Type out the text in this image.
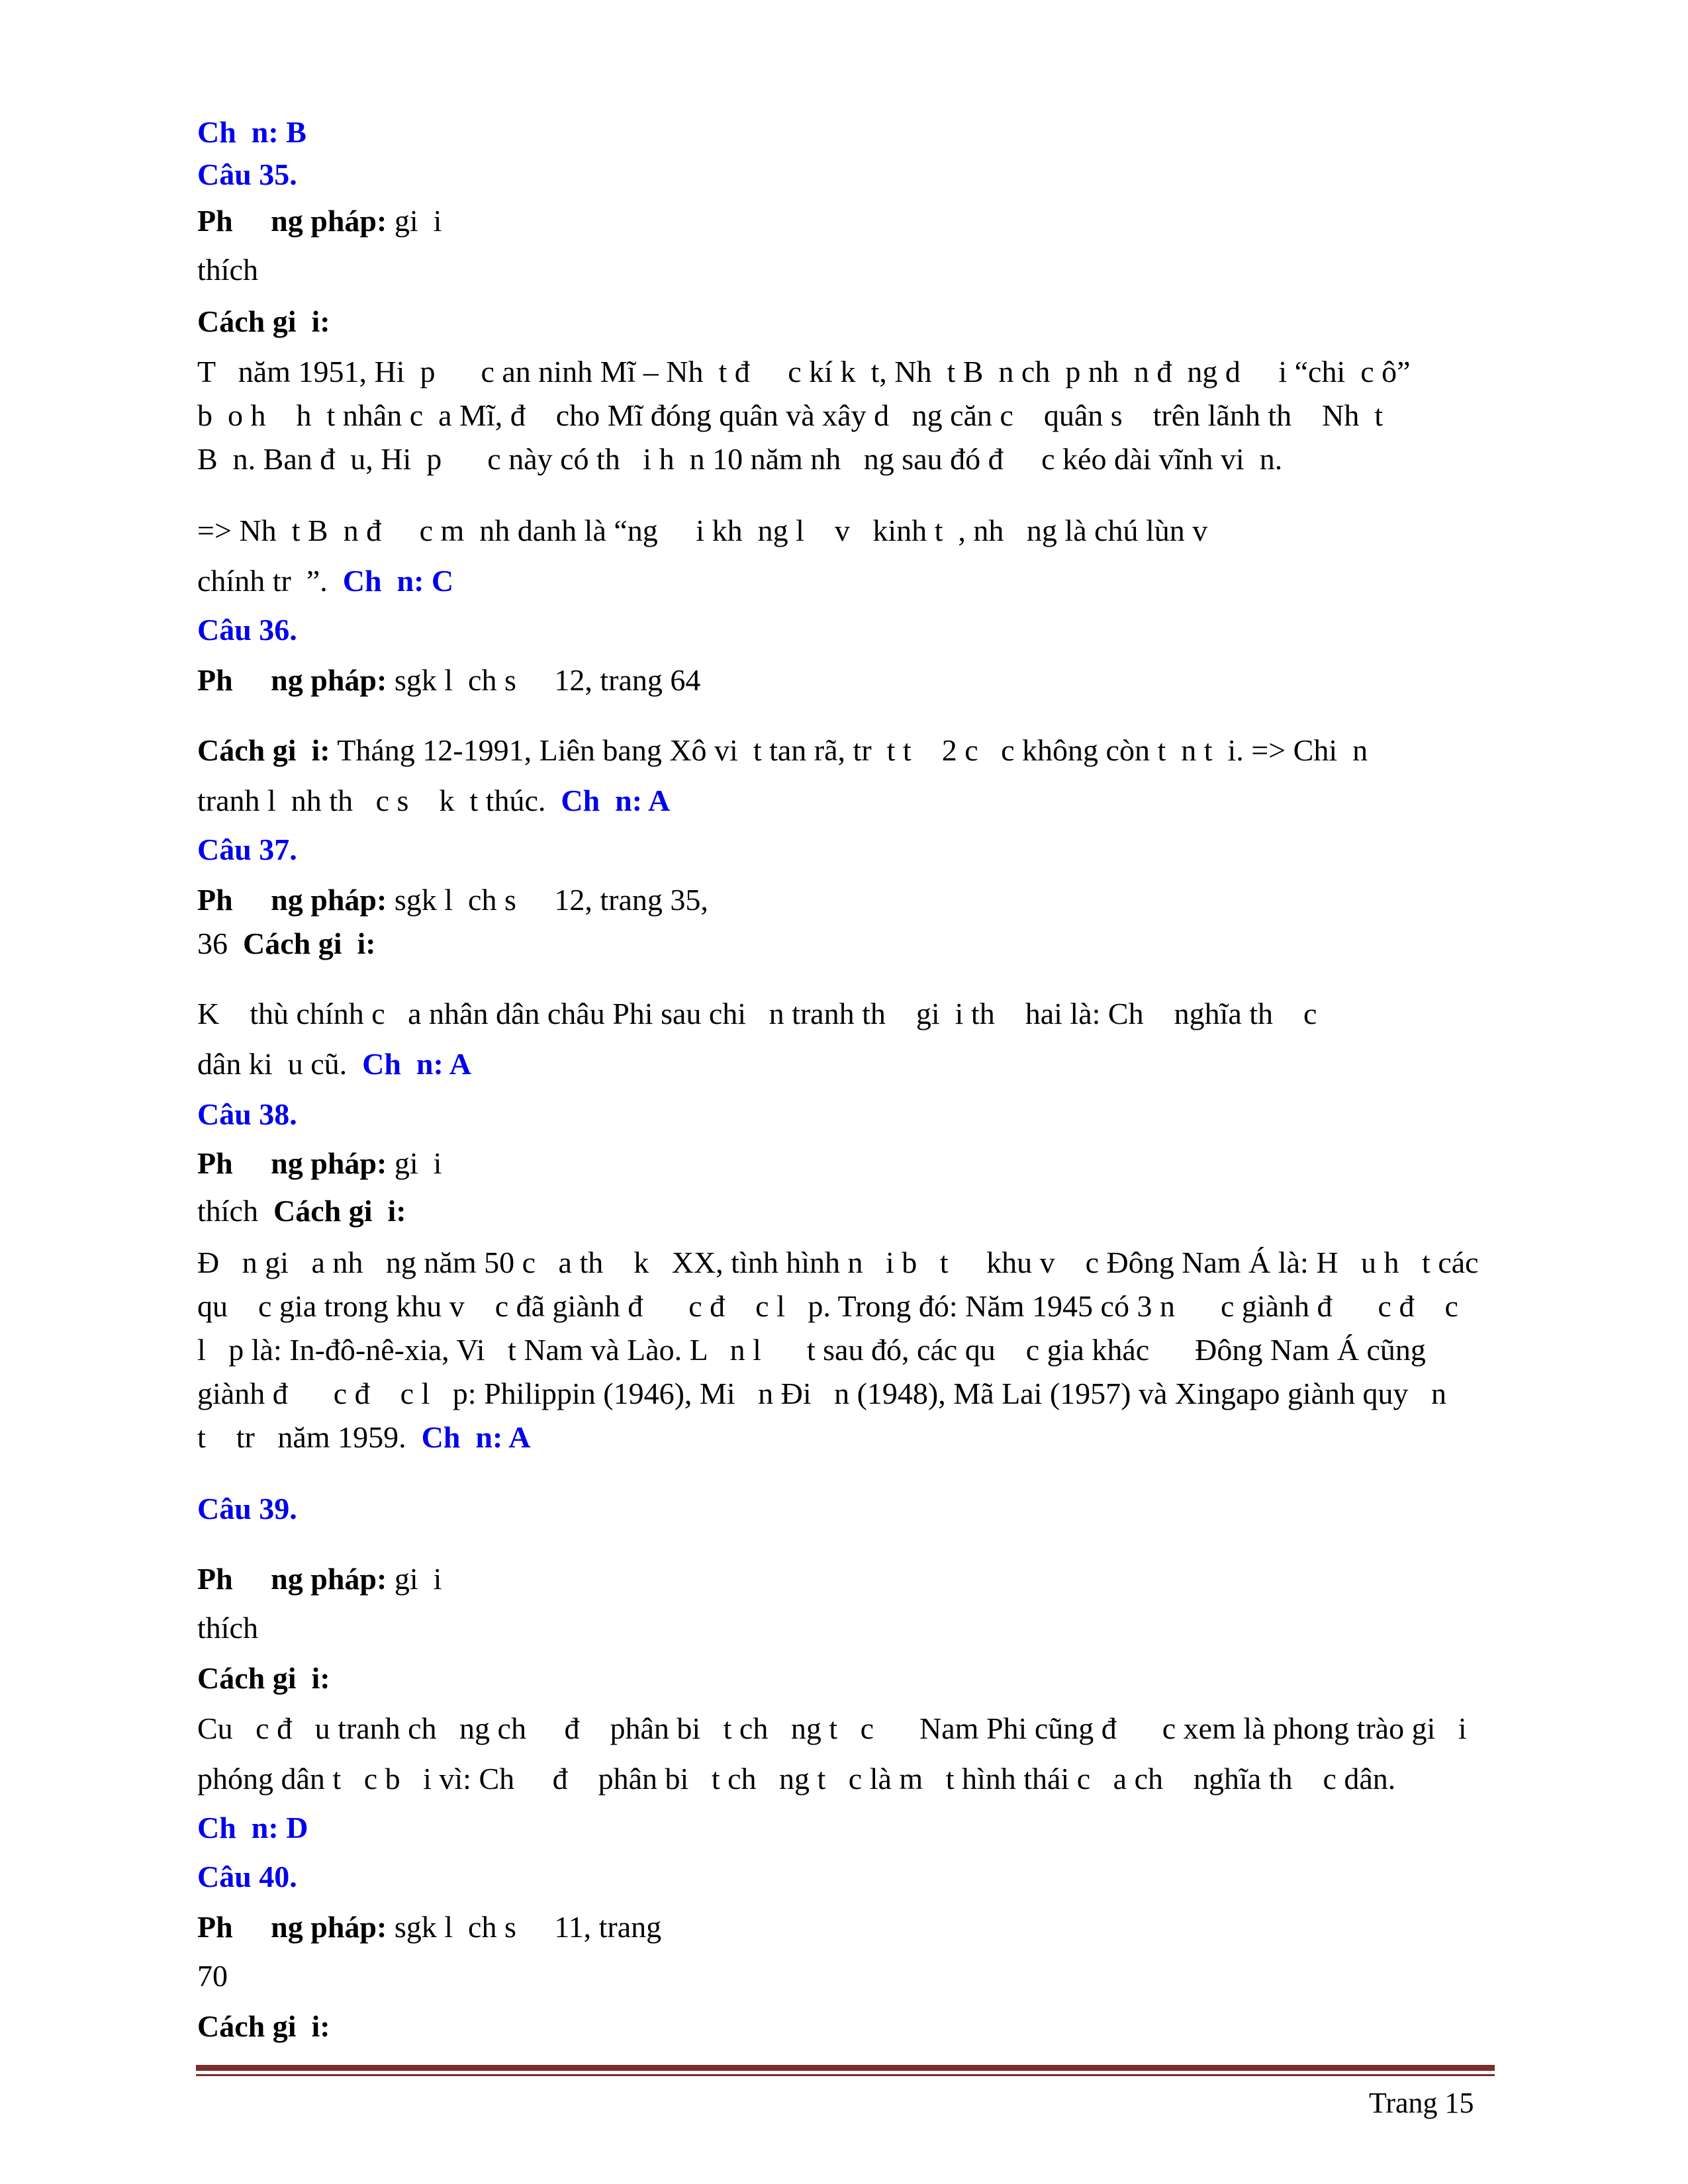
Ch  n: B
Câu 35.
Ph     ng pháp: gi  i
thích
Cách gi  i:
T   năm 1951, Hi  p      c an ninh Mĩ – Nh  t đ     c kí k  t, Nh  t B  n ch  p nh  n đ  ng d     i “chi  c ô”
b  o h    h  t nhân c  a Mĩ, đ    cho Mĩ đóng quân và xây d   ng căn c    quân s    trên lãnh th    Nh  t
B  n. Ban đ  u, Hi  p      c này có th   i h  n 10 năm nh   ng sau đó đ     c kéo dài vĩnh vi  n.
=> Nh  t B  n đ     c m  nh danh là “ng     i kh  ng l    v   kinh t  , nh   ng là chú lùn v
chính tr  ”.  Ch  n: C
Câu 36.
Ph     ng pháp: sgk l  ch s     12, trang 64
Cách gi  i: Tháng 12-1991, Liên bang Xô vi  t tan rã, tr  t t    2 c   c không còn t  n t  i. => Chi  n
tranh l  nh th   c s    k  t thúc.  Ch  n: A
Câu 37.
Ph     ng pháp: sgk l  ch s     12, trang 35,
36  Cách gi  i:
K    thù chính c   a nhân dân châu Phi sau chi   n tranh th    gi  i th    hai là: Ch    nghĩa th    c
dân ki  u cũ.  Ch  n: A
Câu 38.
Ph     ng pháp: gi  i
thích  Cách gi  i:
Đ   n gi   a nh   ng năm 50 c   a th    k   XX, tình hình n   i b   t     khu v    c Đông Nam Á là: H   u h   t các
qu    c gia trong khu v    c đã giành đ      c đ    c l   p. Trong đó: Năm 1945 có 3 n      c giành đ      c đ    c
l   p là: In-đô-nê-xia, Vi   t Nam và Lào. L   n l      t sau đó, các qu    c gia khác      Đông Nam Á cũng
giành đ      c đ    c l   p: Philippin (1946), Mi   n Đi   n (1948), Mã Lai (1957) và Xingapo giành quy   n
t    tr   năm 1959.  Ch  n: A
Câu 39.
Ph     ng pháp: gi  i
thích
Cách gi  i:
Cu   c đ   u tranh ch   ng ch     đ    phân bi   t ch   ng t   c      Nam Phi cũng đ      c xem là phong trào gi   i
phóng dân t   c b   i vì: Ch     đ    phân bi   t ch   ng t   c là m   t hình thái c   a ch    nghĩa th    c dân.
Ch  n: D
Câu 40.
Ph     ng pháp: sgk l  ch s     11, trang
70
Cách gi  i:
Trang 15
